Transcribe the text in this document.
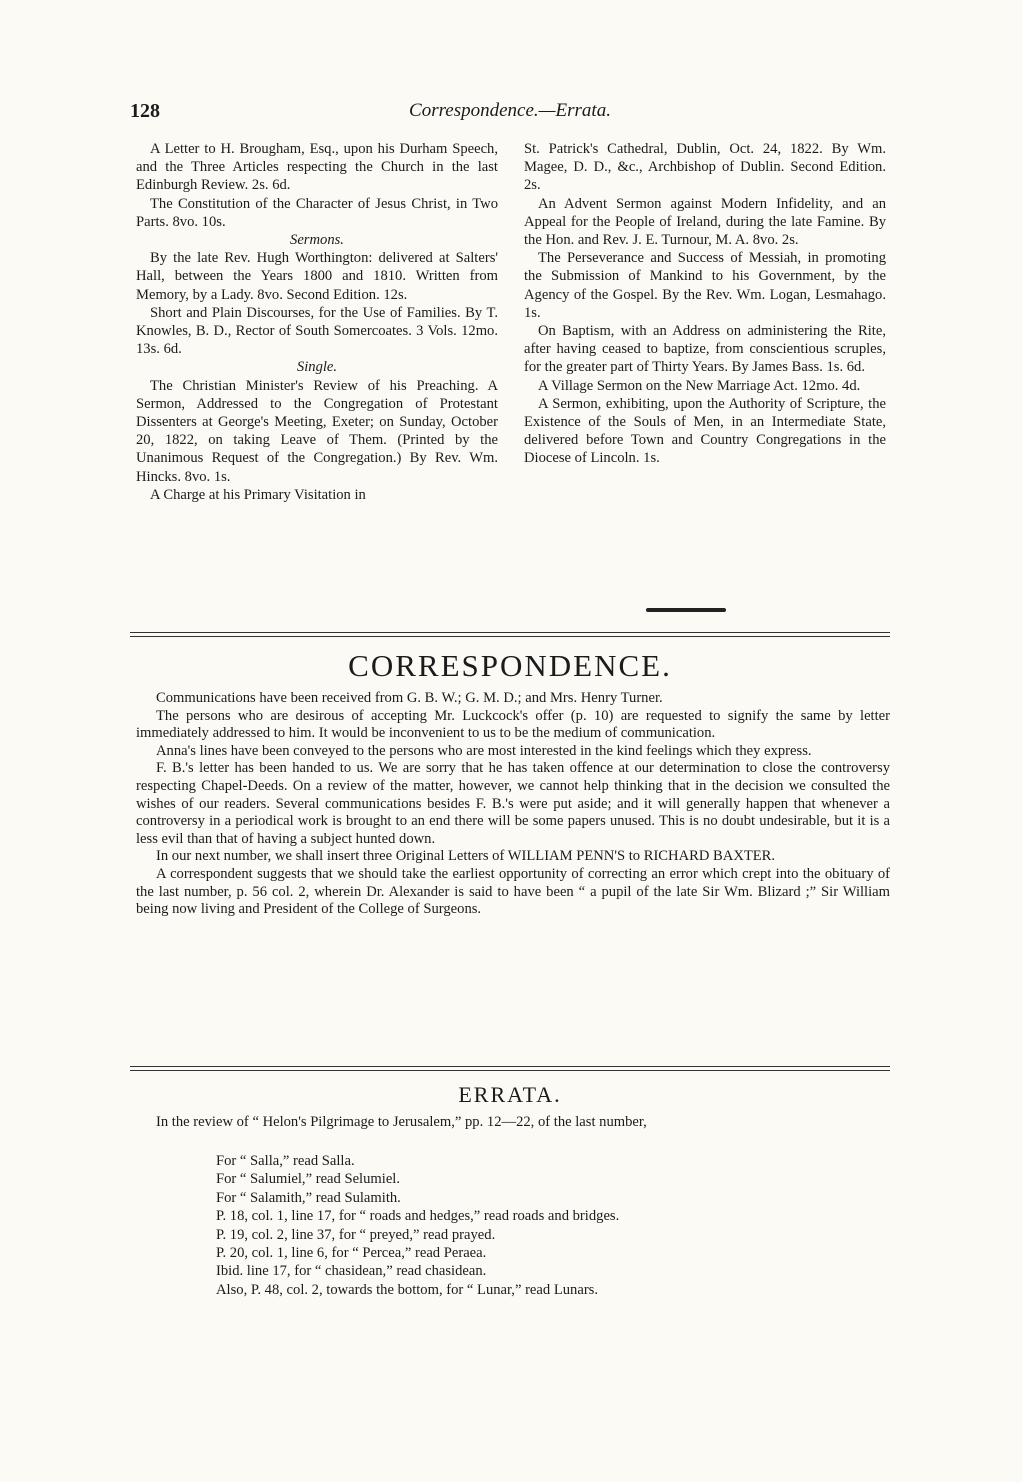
128	Correspondence.—Errata.

A Letter to H. Brougham, Esq., upon his Durham Speech, and the Three Articles respecting the Church in the last Edinburgh Review. 2s. 6d.

The Constitution of the Character of Jesus Christ, in Two Parts. 8vo. 10s.

Sermons.

By the late Rev. Hugh Worthington: delivered at Salters' Hall, between the Years 1800 and 1810. Written from Memory, by a Lady. 8vo. Second Edition. 12s.

Short and Plain Discourses, for the Use of Families. By T. Knowles, B. D., Rector of South Somercoates. 3 Vols. 12mo. 13s. 6d.

Single.

The Christian Minister's Review of his Preaching. A Sermon, Addressed to the Congregation of Protestant Dissenters at George's Meeting, Exeter; on Sunday, October 20, 1822, on taking Leave of Them. (Printed by the Unanimous Request of the Congregation.) By Rev. Wm. Hincks. 8vo. 1s.

A Charge at his Primary Visitation in

St. Patrick's Cathedral, Dublin, Oct. 24, 1822. By Wm. Magee, D. D., &c., Archbishop of Dublin. Second Edition. 2s.

An Advent Sermon against Modern Infidelity, and an Appeal for the People of Ireland, during the late Famine. By the Hon. and Rev. J. E. Turnour, M. A. 8vo. 2s.

The Perseverance and Success of Messiah, in promoting the Submission of Mankind to his Government, by the Agency of the Gospel. By the Rev. Wm. Logan, Lesmahago. 1s.

On Baptism, with an Address on administering the Rite, after having ceased to baptize, from conscientious scruples, for the greater part of Thirty Years. By James Bass. 1s. 6d.

A Village Sermon on the New Marriage Act. 12mo. 4d.

A Sermon, exhibiting, upon the Authority of Scripture, the Existence of the Souls of Men, in an Intermediate State, delivered before Town and Country Congregations in the Diocese of Lincoln. 1s.

CORRESPONDENCE.

Communications have been received from G. B. W.; G. M. D.; and Mrs. Henry Turner.

The persons who are desirous of accepting Mr. Luckcock's offer (p. 10) are requested to signify the same by letter immediately addressed to him. It would be inconvenient to us to be the medium of communication.

Anna's lines have been conveyed to the persons who are most interested in the kind feelings which they express.

F. B.'s letter has been handed to us. We are sorry that he has taken offence at our determination to close the controversy respecting Chapel-Deeds. On a review of the matter, however, we cannot help thinking that in the decision we consulted the wishes of our readers. Several communications besides F. B.'s were put aside; and it will generally happen that whenever a controversy in a periodical work is brought to an end there will be some papers unused. This is no doubt undesirable, but it is a less evil than that of having a subject hunted down.

In our next number, we shall insert three Original Letters of WILLIAM PENN'S to RICHARD BAXTER.

A correspondent suggests that we should take the earliest opportunity of correcting an error which crept into the obituary of the last number, p. 56 col. 2, wherein Dr. Alexander is said to have been “ a pupil of the late Sir Wm. Blizard ;” Sir William being now living and President of the College of Surgeons.

ERRATA.

In the review of “ Helon's Pilgrimage to Jerusalem,” pp. 12—22, of the last number,

For “ Salla,” read Salla.
For “ Salumiel,” read Selumiel.
For “ Salamith,” read Sulamith.
P. 18, col. 1, line 17, for “ roads and hedges,” read roads and bridges.
P. 19, col. 2, line 37, for “ preyed,” read prayed.
P. 20, col. 1, line 6, for “ Percea,” read Peraea.
Ibid. line 17, for “ chasidean,” read chasidean.
Also, P. 48, col. 2, towards the bottom, for “ Lunar,” read Lunars.
